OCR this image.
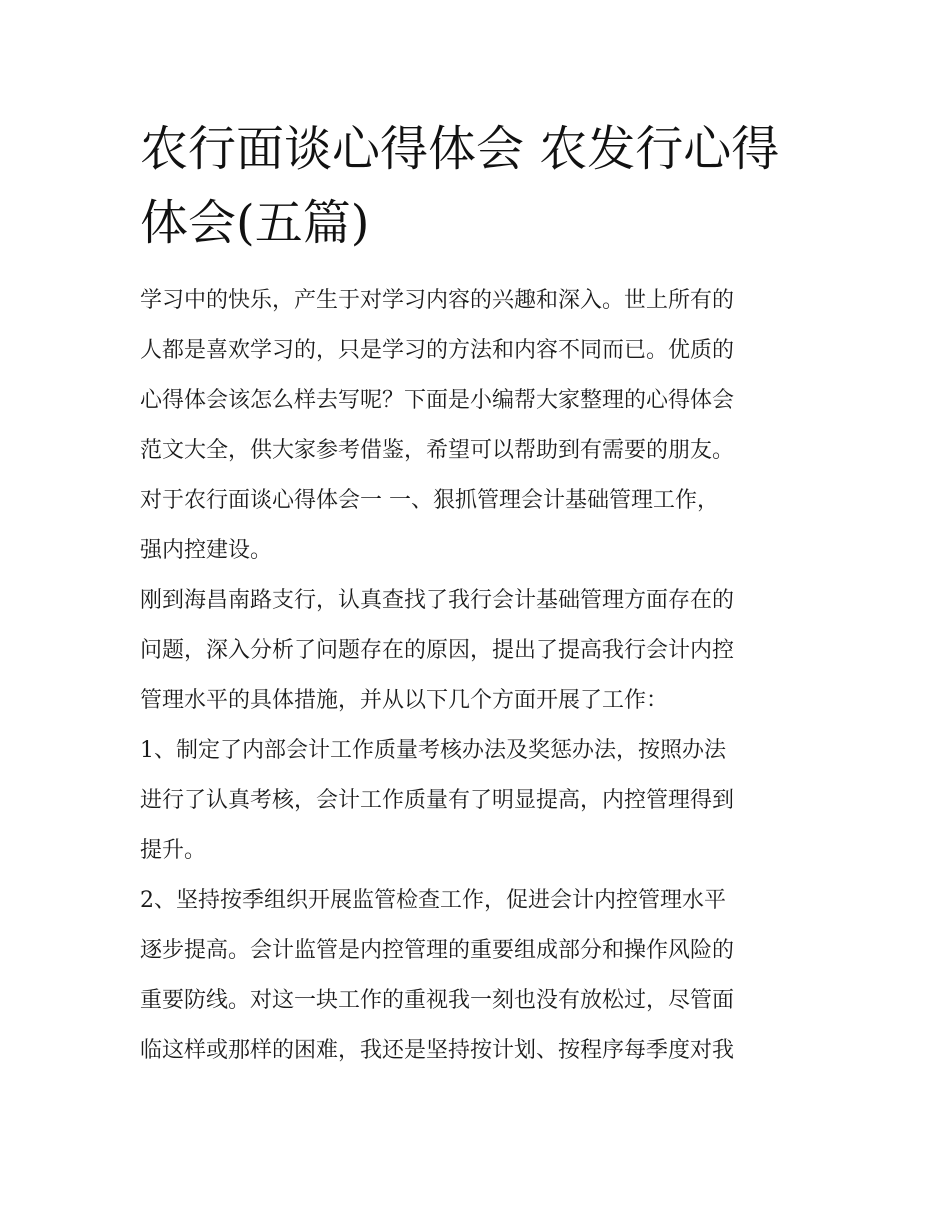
农行面谈心得体会 农发行心得
体会(五篇)
学习中的快乐，产生于对学习内容的兴趣和深入。世上所有的
人都是喜欢学习的，只是学习的方法和内容不同而已。优质的
心得体会该怎么样去写呢？下面是小编帮大家整理的心得体会
范文大全，供大家参考借鉴，希望可以帮助到有需要的朋友。
对于农行面谈心得体会一 一、狠抓管理会计基础管理工作，
强内控建设。
刚到海昌南路支行，认真查找了我行会计基础管理方面存在的
问题，深入分析了问题存在的原因，提出了提高我行会计内控
管理水平的具体措施，并从以下几个方面开展了工作：
1、制定了内部会计工作质量考核办法及奖惩办法，按照办法
进行了认真考核，会计工作质量有了明显提高，内控管理得到
提升。
2、坚持按季组织开展监管检查工作，促进会计内控管理水平
逐步提高。会计监管是内控管理的重要组成部分和操作风险的
重要防线。对这一块工作的重视我一刻也没有放松过，尽管面
临这样或那样的困难，我还是坚持按计划、按程序每季度对我
